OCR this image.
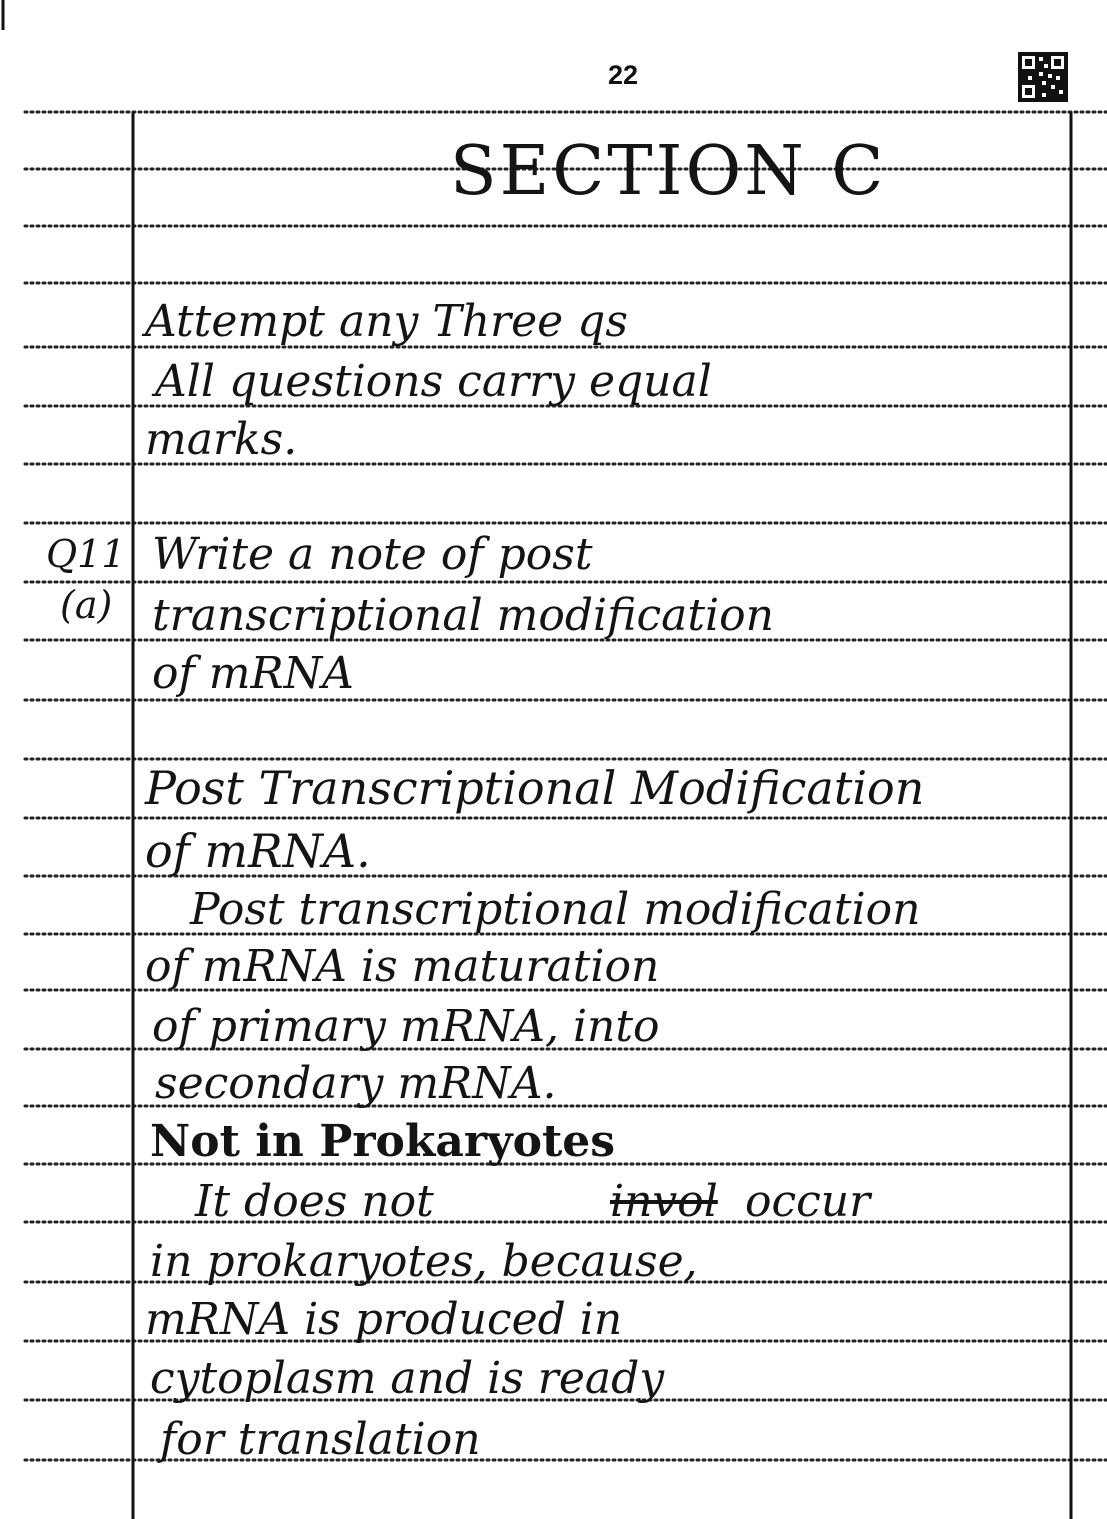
22
SECTION C
Attempt any Three qs
All questions carry equal
marks.
Q11
(a)
Write a note of post
transcriptional modification
of mRNA
Post Transcriptional Modification
of mRNA.
Post transcriptional modification
of mRNA is maturation
of primary mRNA, into
secondary mRNA.
Not in Prokaryotes
It does not	invol occur
in prokaryotes, because,
mRNA is produced in
cytoplasm and is ready
for translation
